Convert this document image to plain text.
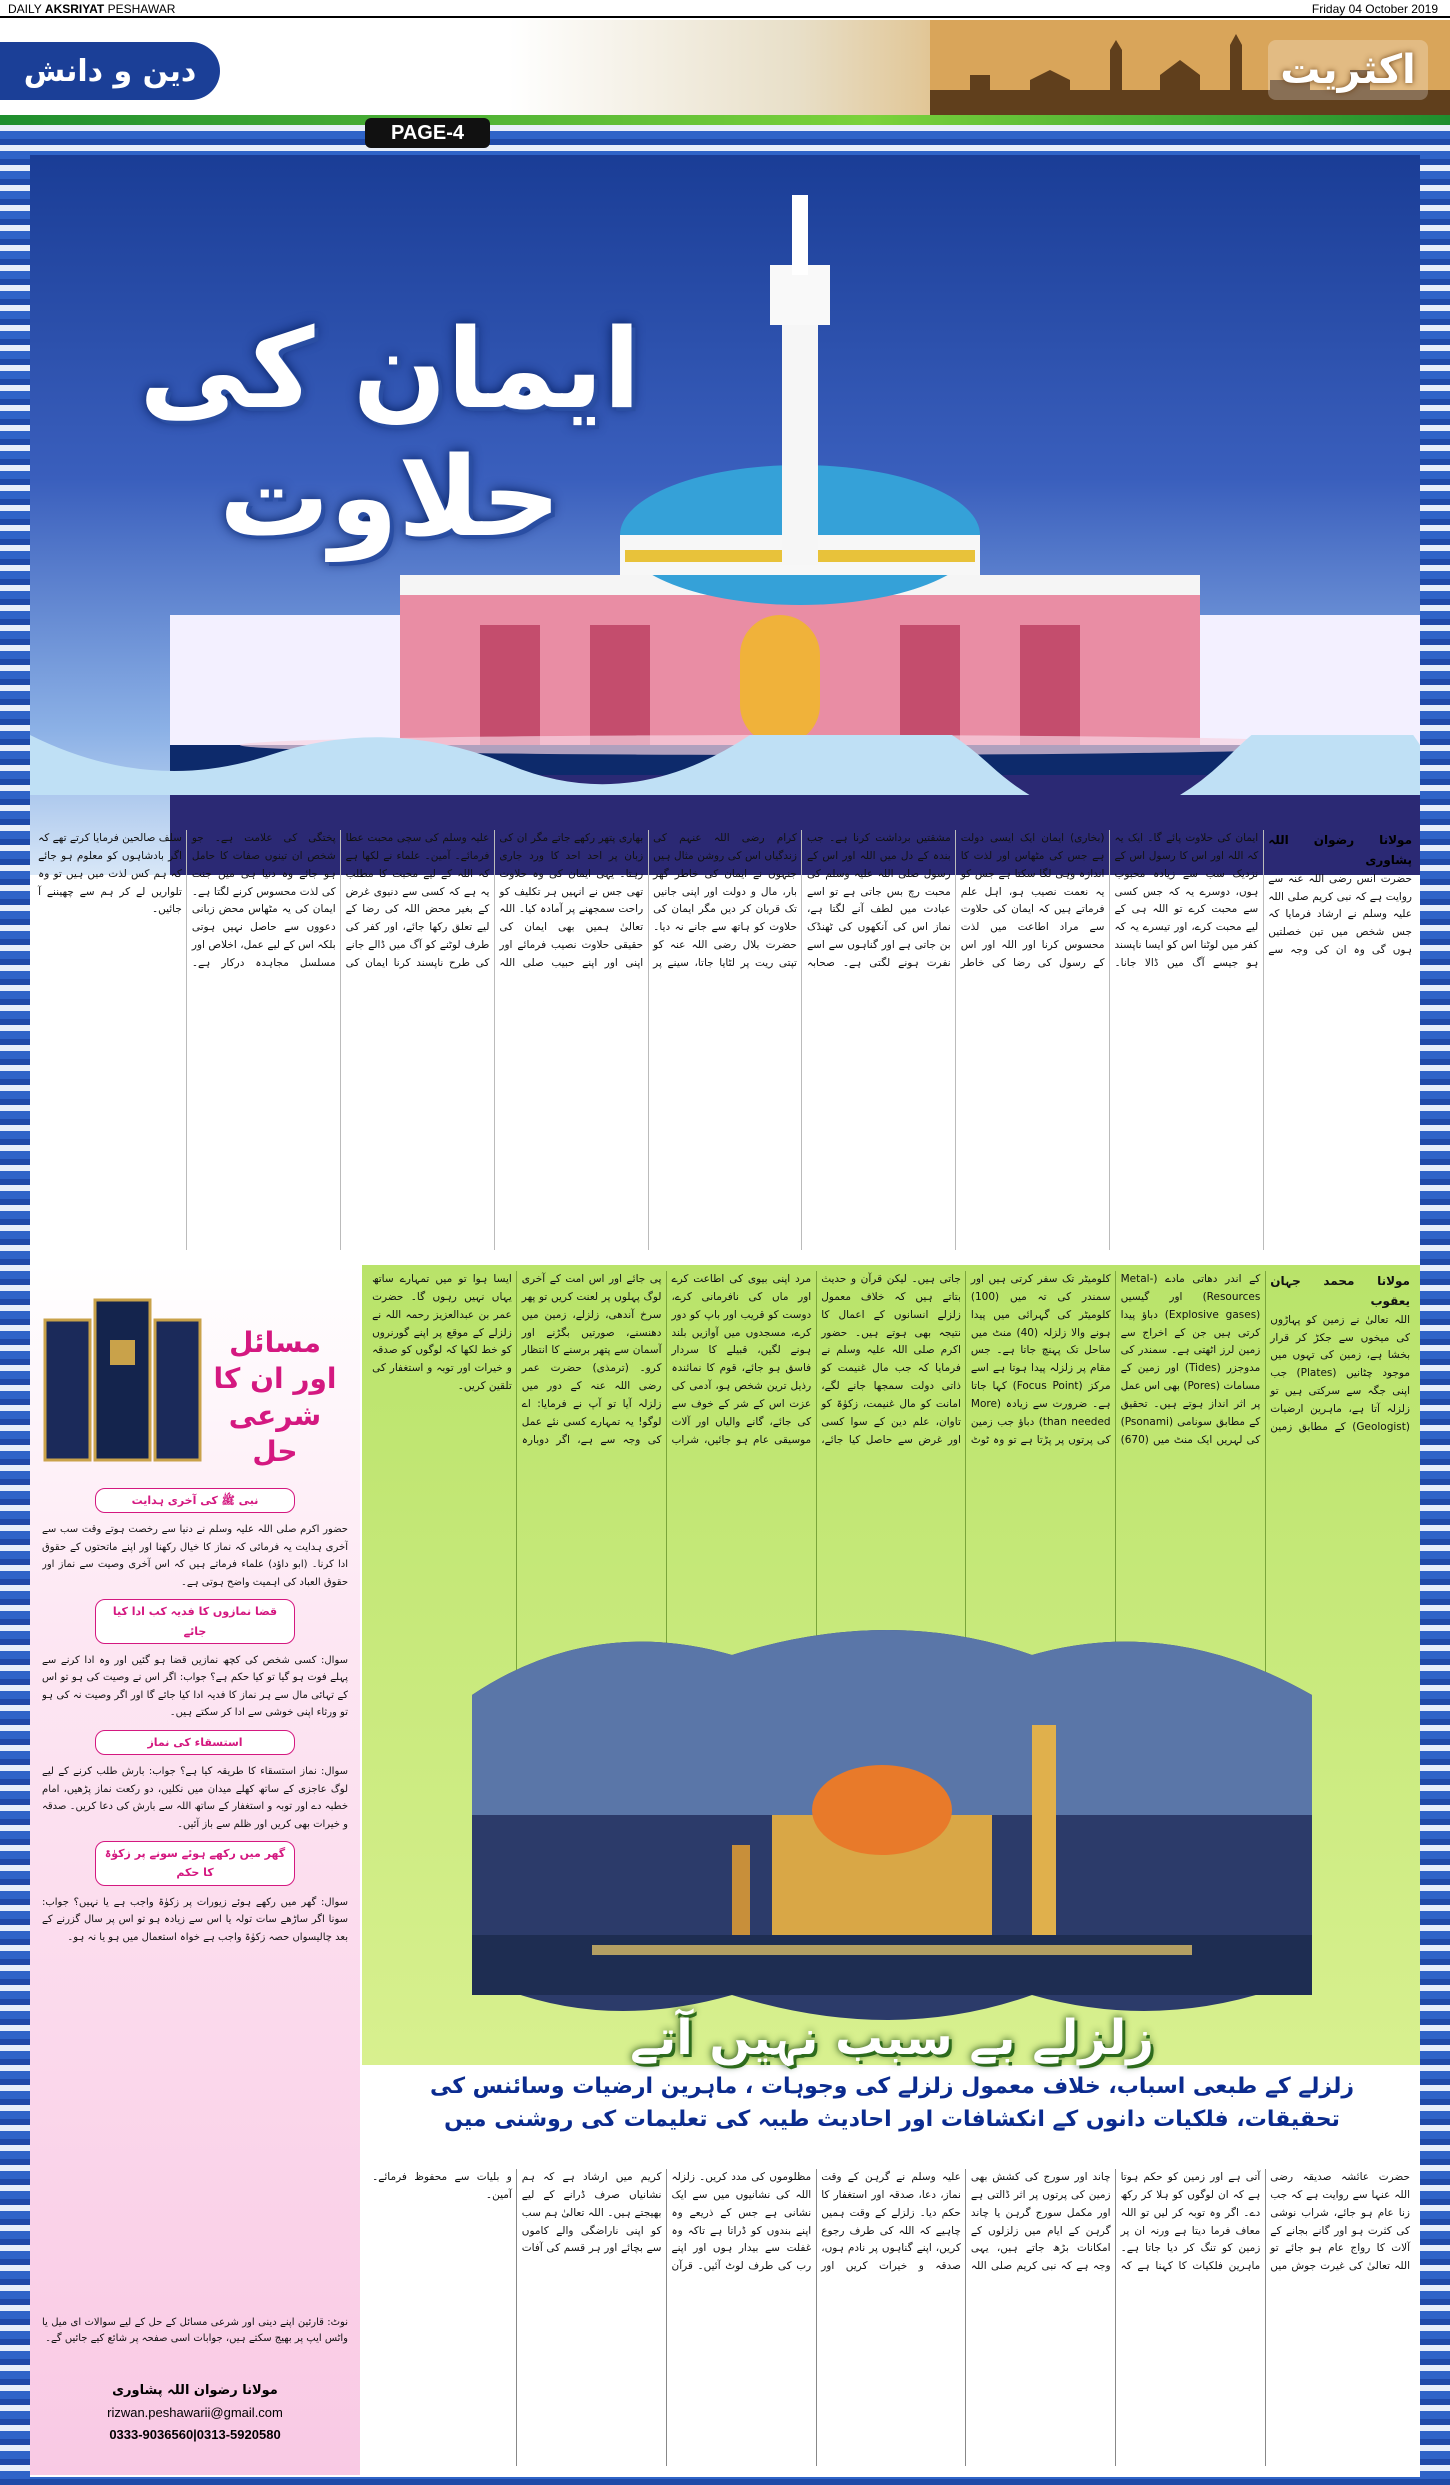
DAILY AKSRIYAT PESHAWAR	Friday 04 October 2019
دین و دانش	اکثریت
PAGE-4
ایمان کی حلاوت
مولانا رضوان اللہ پشاوری

حضرت انس رضی اللہ عنہ سے روایت ہے کہ نبی کریم صلی اللہ علیہ وسلم نے ارشاد فرمایا کہ جس شخص میں تین خصلتیں ہوں گی وہ ان کی وجہ سے ایمان کی حلاوت پائے گا۔ ایک یہ کہ اللہ اور اس کا رسول اس کے نزدیک سب سے زیادہ محبوب ہوں، دوسرے یہ کہ جس کسی سے محبت کرے تو اللہ ہی کے لیے محبت کرے، اور تیسرے یہ کہ کفر میں لوٹنا اس کو ایسا ناپسند ہو جیسے آگ میں ڈالا جانا۔ (بخاری) ایمان ایک ایسی دولت ہے جس کی مٹھاس اور لذت کا اندازہ وہی لگا سکتا ہے جس کو یہ نعمت نصیب ہو، اہل علم فرماتے ہیں کہ ایمان کی حلاوت سے مراد اطاعت میں لذت محسوس کرنا اور اللہ اور اس کے رسول کی رضا کی خاطر مشقتیں برداشت کرنا ہے۔ جب بندہ کے دل میں اللہ اور اس کے رسول صلی اللہ علیہ وسلم کی محبت رچ بس جاتی ہے تو اسے عبادت میں لطف آنے لگتا ہے، نماز اس کی آنکھوں کی ٹھنڈک بن جاتی ہے اور گناہوں سے اسے نفرت ہونے لگتی ہے۔ صحابہ کرام رضی اللہ عنہم کی زندگیاں اس کی روشن مثال ہیں جنہوں نے ایمان کی خاطر گھر بار، مال و دولت اور اپنی جانیں تک قربان کر دیں مگر ایمان کی حلاوت کو ہاتھ سے جانے نہ دیا۔ حضرت بلال رضی اللہ عنہ کو تپتی ریت پر لٹایا جاتا، سینے پر بھاری پتھر رکھے جاتے مگر ان کی زبان پر احد احد کا ورد جاری رہتا۔ یہی ایمان کی وہ حلاوت تھی جس نے انہیں ہر تکلیف کو راحت سمجھنے پر آمادہ کیا۔ اللہ تعالیٰ ہمیں بھی ایمان کی حقیقی حلاوت نصیب فرمائے اور اپنی اور اپنے حبیب صلی اللہ علیہ وسلم کی سچی محبت عطا فرمائے۔ آمین۔ علماء نے لکھا ہے کہ اللہ کے لیے محبت کا مطلب یہ ہے کہ کسی سے دنیوی غرض کے بغیر محض اللہ کی رضا کے لیے تعلق رکھا جائے، اور کفر کی طرف لوٹنے کو آگ میں ڈالے جانے کی طرح ناپسند کرنا ایمان کی پختگی کی علامت ہے۔ جو شخص ان تینوں صفات کا حامل ہو جائے وہ دنیا ہی میں جنت کی لذت محسوس کرنے لگتا ہے۔ ایمان کی یہ مٹھاس محض زبانی دعووں سے حاصل نہیں ہوتی بلکہ اس کے لیے عمل، اخلاص اور مسلسل مجاہدہ درکار ہے۔ سلف صالحین فرمایا کرتے تھے کہ اگر بادشاہوں کو معلوم ہو جائے کہ ہم کس لذت میں ہیں تو وہ تلواریں لے کر ہم سے چھیننے آ جائیں۔

مسائل اور ان کا شرعی حل
نبی ﷺ کی آخری ہدایت

حضور اکرم صلی اللہ علیہ وسلم نے دنیا سے رخصت ہوتے وقت سب سے آخری ہدایت یہ فرمائی کہ نماز کا خیال رکھنا اور اپنے ماتحتوں کے حقوق ادا کرنا۔ (ابو داؤد) علماء فرماتے ہیں کہ اس آخری وصیت سے نماز اور حقوق العباد کی اہمیت واضح ہوتی ہے۔

قضا نمازوں کا فدیہ کب ادا کیا جائے

سوال: کسی شخص کی کچھ نمازیں قضا ہو گئیں اور وہ ادا کرنے سے پہلے فوت ہو گیا تو کیا حکم ہے؟ جواب: اگر اس نے وصیت کی ہو تو اس کے تہائی مال سے ہر نماز کا فدیہ ادا کیا جائے گا اور اگر وصیت نہ کی ہو تو ورثاء اپنی خوشی سے ادا کر سکتے ہیں۔

استسقاء کی نماز

سوال: نماز استسقاء کا طریقہ کیا ہے؟ جواب: بارش طلب کرنے کے لیے لوگ عاجزی کے ساتھ کھلے میدان میں نکلیں، دو رکعت نماز پڑھیں، امام خطبہ دے اور توبہ و استغفار کے ساتھ اللہ سے بارش کی دعا کریں۔ صدقہ و خیرات بھی کریں اور ظلم سے باز آئیں۔

گھر میں رکھے ہوئے سونے پر زکوٰۃ کا حکم

سوال: گھر میں رکھے ہوئے زیورات پر زکوٰۃ واجب ہے یا نہیں؟ جواب: سونا اگر ساڑھے سات تولہ یا اس سے زیادہ ہو تو اس پر سال گزرنے کے بعد چالیسواں حصہ زکوٰۃ واجب ہے خواہ استعمال میں ہو یا نہ ہو۔

نوٹ: قارئین اپنے دینی اور شرعی مسائل کے حل کے لیے سوالات ای میل یا واٹس ایپ پر بھیج سکتے ہیں، جوابات اسی صفحہ پر شائع کیے جائیں گے۔
مولانا رضوان اللہ پشاوری
rizwan.peshawarii@gmail.com
0333-9036560|0313-5920580
مولانا محمد جہان یعقوب

اللہ تعالیٰ نے زمین کو پہاڑوں کی میخوں سے جکڑ کر قرار بخشا ہے، زمین کی تہوں میں موجود چٹانیں (Plates) جب اپنی جگہ سے سرکتی ہیں تو زلزلہ آتا ہے، ماہرین ارضیات (Geologist) کے مطابق زمین کے اندر دھاتی مادے (Metal-Resources) اور گیسیں (Explosive gases) دباؤ پیدا کرتی ہیں جن کے اخراج سے زمین لرز اٹھتی ہے۔ سمندر کی مدوجزر (Tides) اور زمین کے مسامات (Pores) بھی اس عمل پر اثر انداز ہوتے ہیں۔ تحقیق کے مطابق سونامی (Psonami) کی لہریں ایک منٹ میں (670) کلومیٹر تک سفر کرتی ہیں اور سمندر کی تہ میں (100) کلومیٹر کی گہرائی میں پیدا ہونے والا زلزلہ (40) منٹ میں ساحل تک پہنچ جاتا ہے۔ جس مقام پر زلزلہ پیدا ہوتا ہے اسے مرکز (Focus Point) کہا جاتا ہے۔ ضرورت سے زیادہ (More than needed) دباؤ جب زمین کی پرتوں پر پڑتا ہے تو وہ ٹوٹ جاتی ہیں۔ لیکن قرآن و حدیث بتاتے ہیں کہ خلاف معمول زلزلے انسانوں کے اعمال کا نتیجہ بھی ہوتے ہیں۔ حضور اکرم صلی اللہ علیہ وسلم نے فرمایا کہ جب مال غنیمت کو ذاتی دولت سمجھا جانے لگے، امانت کو مال غنیمت، زکوٰۃ کو تاوان، علم دین کے سوا کسی اور غرض سے حاصل کیا جائے، مرد اپنی بیوی کی اطاعت کرے اور ماں کی نافرمانی کرے، دوست کو قریب اور باپ کو دور کرے، مسجدوں میں آوازیں بلند ہونے لگیں، قبیلے کا سردار فاسق ہو جائے، قوم کا نمائندہ رذیل ترین شخص ہو، آدمی کی عزت اس کے شر کے خوف سے کی جائے، گانے والیاں اور آلات موسیقی عام ہو جائیں، شراب پی جائے اور اس امت کے آخری لوگ پہلوں پر لعنت کریں تو پھر سرخ آندھی، زلزلے، زمین میں دھنسنے، صورتیں بگڑنے اور آسمان سے پتھر برسنے کا انتظار کرو۔ (ترمذی) حضرت عمر رضی اللہ عنہ کے دور میں زلزلہ آیا تو آپ نے فرمایا: اے لوگو! یہ تمہارے کسی نئے عمل کی وجہ سے ہے، اگر دوبارہ ایسا ہوا تو میں تمہارے ساتھ یہاں نہیں رہوں گا۔ حضرت عمر بن عبدالعزیز رحمہ اللہ نے زلزلے کے موقع پر اپنے گورنروں کو خط لکھا کہ لوگوں کو صدقہ و خیرات اور توبہ و استغفار کی تلقین کریں۔

زلزلے بے سبب نہیں آتے
زلزلے کے طبعی اسباب، خلاف معمول زلزلے کی وجوہات ، ماہرین ارضیات وسائنس کی تحقیقات، فلکیات دانوں کے انکشافات اور احادیث طیبہ کی تعلیمات کی روشنی میں

حضرت عائشہ صدیقہ رضی اللہ عنہا سے روایت ہے کہ جب زنا عام ہو جائے، شراب نوشی کی کثرت ہو اور گانے بجانے کے آلات کا رواج عام ہو جائے تو اللہ تعالیٰ کی غیرت جوش میں آتی ہے اور زمین کو حکم ہوتا ہے کہ ان لوگوں کو ہلا کر رکھ دے۔ اگر وہ توبہ کر لیں تو اللہ معاف فرما دیتا ہے ورنہ ان پر زمین کو تنگ کر دیا جاتا ہے۔ ماہرین فلکیات کا کہنا ہے کہ چاند اور سورج کی کشش بھی زمین کی پرتوں پر اثر ڈالتی ہے اور مکمل سورج گرہن یا چاند گرہن کے ایام میں زلزلوں کے امکانات بڑھ جاتے ہیں، یہی وجہ ہے کہ نبی کریم صلی اللہ علیہ وسلم نے گرہن کے وقت نماز، دعا، صدقہ اور استغفار کا حکم دیا۔ زلزلے کے وقت ہمیں چاہیے کہ اللہ کی طرف رجوع کریں، اپنے گناہوں پر نادم ہوں، صدقہ و خیرات کریں اور مظلوموں کی مدد کریں۔ زلزلہ اللہ کی نشانیوں میں سے ایک نشانی ہے جس کے ذریعے وہ اپنے بندوں کو ڈراتا ہے تاکہ وہ غفلت سے بیدار ہوں اور اپنے رب کی طرف لوٹ آئیں۔ قرآن کریم میں ارشاد ہے کہ ہم نشانیاں صرف ڈرانے کے لیے بھیجتے ہیں۔ اللہ تعالیٰ ہم سب کو اپنی ناراضگی والے کاموں سے بچائے اور ہر قسم کی آفات و بلیات سے محفوظ فرمائے۔ آمین۔
